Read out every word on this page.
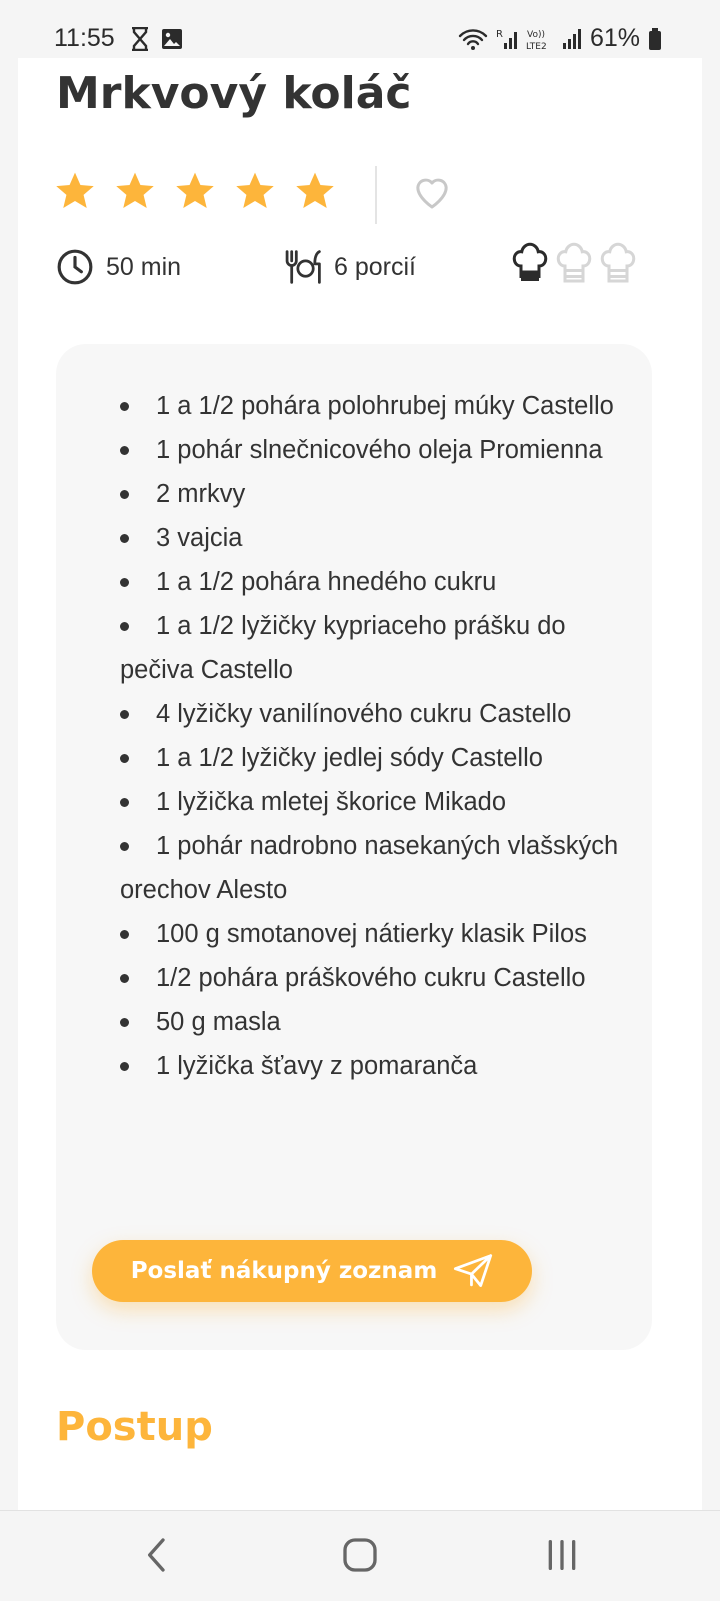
11:55	R	Vo))
LTE2 61%
Mrkvový koláč
50 min	6 porcií
1 a 1/2 pohára polohrubej múky Castello
1 pohár slnečnicového oleja Promienna
2 mrkvy
3 vajcia
1 a 1/2 pohára hnedého cukru
1 a 1/2 lyžičky kypriaceho prášku do pečiva Castello
4 lyžičky vanilínového cukru Castello
1 a 1/2 lyžičky jedlej sódy Castello
1 lyžička mletej škorice Mikado
1 pohár nadrobno nasekaných vlašských orechov Alesto
100 g smotanovej nátierky klasik Pilos
1/2 pohára práškového cukru Castello
50 g masla
1 lyžička šťavy z pomaranča
Poslať nákupný zoznam
Postup
